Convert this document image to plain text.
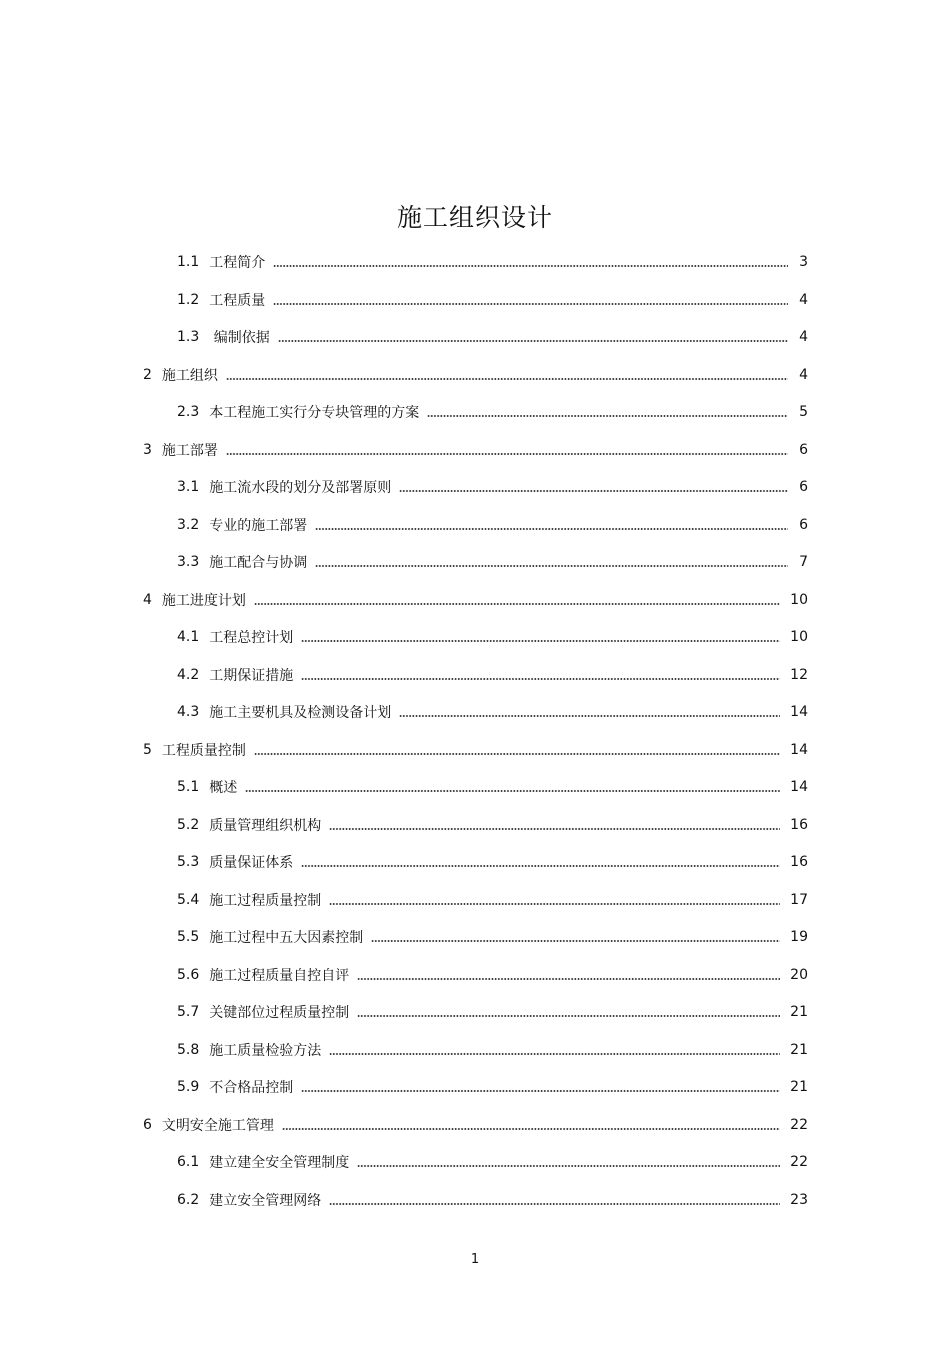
施工组织设计
1.1 工程简介	3
1.2 工程质量	4
1.3 编制依据	4
2 施工组织	4
2.3 本工程施工实行分专块管理的方案	5
3 施工部署	6
3.1 施工流水段的划分及部署原则	6
3.2 专业的施工部署	6
3.3 施工配合与协调	7
4 施工进度计划	10
4.1 工程总控计划	10
4.2 工期保证措施	12
4.3 施工主要机具及检测设备计划	14
5 工程质量控制	14
5.1 概述	14
5.2 质量管理组织机构	16
5.3 质量保证体系	16
5.4 施工过程质量控制	17
5.5 施工过程中五大因素控制	19
5.6 施工过程质量自控自评	20
5.7 关键部位过程质量控制	21
5.8 施工质量检验方法	21
5.9 不合格品控制	21
6 文明安全施工管理	22
6.1 建立建全安全管理制度	22
6.2 建立安全管理网络	23
1
